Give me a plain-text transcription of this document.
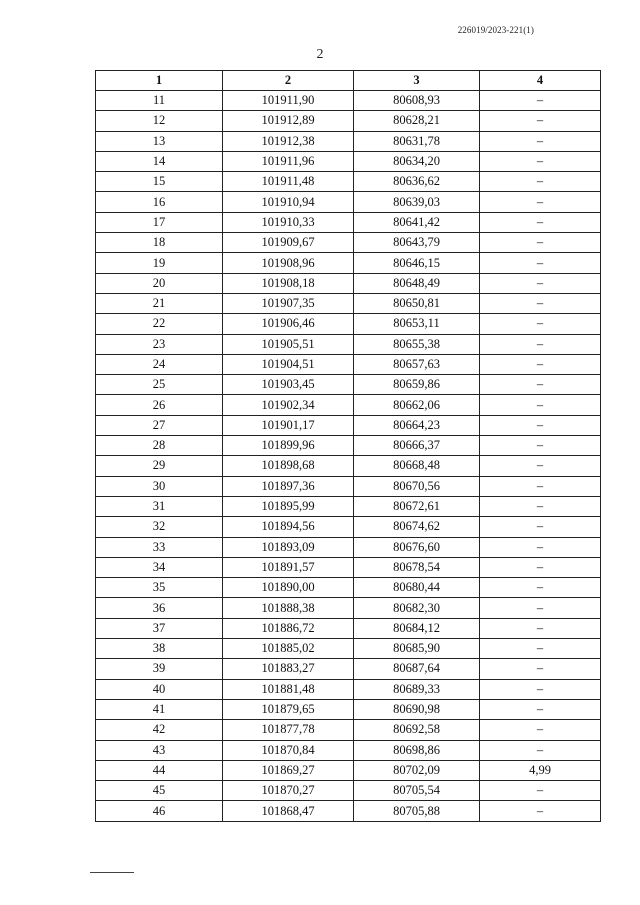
226019/2023-221(1)
2
1	2	3	4
11	101911,90	80608,93	–
12	101912,89	80628,21	–
13	101912,38	80631,78	–
14	101911,96	80634,20	–
15	101911,48	80636,62	–
16	101910,94	80639,03	–
17	101910,33	80641,42	–
18	101909,67	80643,79	–
19	101908,96	80646,15	–
20	101908,18	80648,49	–
21	101907,35	80650,81	–
22	101906,46	80653,11	–
23	101905,51	80655,38	–
24	101904,51	80657,63	–
25	101903,45	80659,86	–
26	101902,34	80662,06	–
27	101901,17	80664,23	–
28	101899,96	80666,37	–
29	101898,68	80668,48	–
30	101897,36	80670,56	–
31	101895,99	80672,61	–
32	101894,56	80674,62	–
33	101893,09	80676,60	–
34	101891,57	80678,54	–
35	101890,00	80680,44	–
36	101888,38	80682,30	–
37	101886,72	80684,12	–
38	101885,02	80685,90	–
39	101883,27	80687,64	–
40	101881,48	80689,33	–
41	101879,65	80690,98	–
42	101877,78	80692,58	–
43	101870,84	80698,86	–
44	101869,27	80702,09	4,99
45	101870,27	80705,54	–
46	101868,47	80705,88	–
